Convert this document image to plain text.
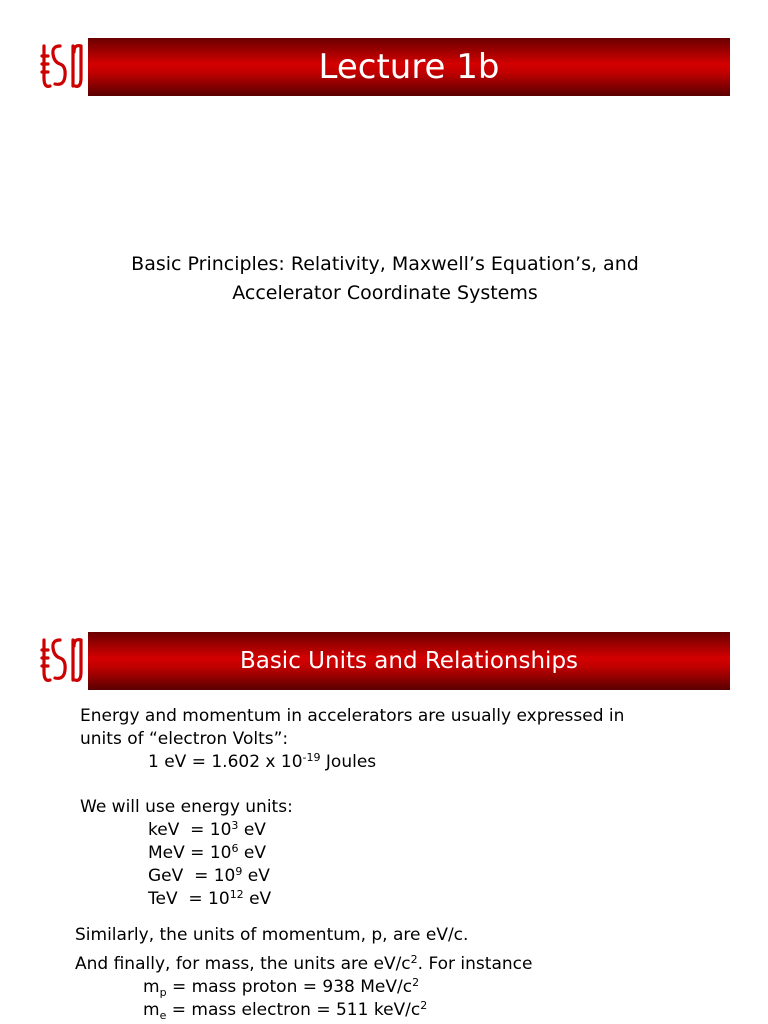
Lecture 1b
Basic Principles: Relativity, Maxwell’s Equation’s, and
Accelerator Coordinate Systems
Basic Units and Relationships
Energy and momentum in accelerators are usually expressed in
units of “electron Volts”:
1 eV = 1.602 x $10^{-19}$ Joules
We will use energy units:
keV  = $10^3$ eV
MeV = $10^6$ eV
GeV  = $10^9$ eV
TeV  = $10^{12}$ eV
Similarly, the units of momentum, p, are eV/c.
And finally, for mass, the units are $eV/c^2$. For instance
$m_p$ = mass proton = 938 MeV/$c^2$
$m_e$ = mass electron = 511 keV/$c^2$
